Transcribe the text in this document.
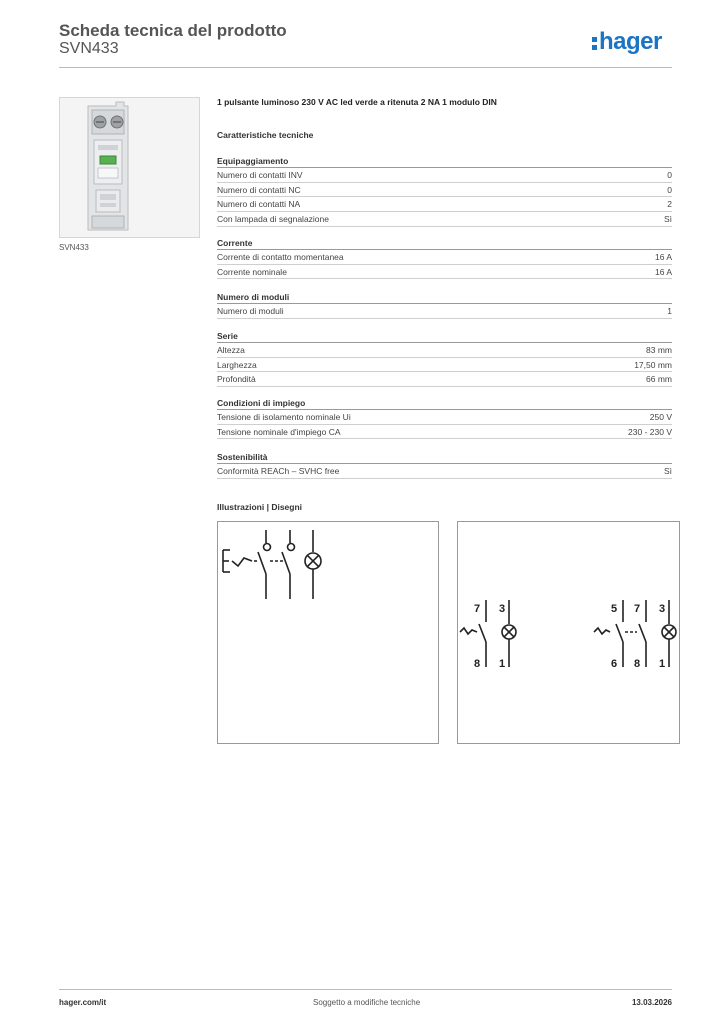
Scheda tecnica del prodotto
SVN433	hager
SVN433
1 pulsante luminoso 230 V AC led verde a ritenuta 2 NA 1 modulo DIN
Caratteristiche tecniche
Equipaggiamento
Numero di contatti INV	0
Numero di contatti NC	0
Numero di contatti NA	2
Con lampada di segnalazione	Sì
Corrente
Corrente di contatto momentanea	16 A
Corrente nominale	16 A
Numero di moduli
Numero di moduli	1
Serie
Altezza	83 mm
Larghezza	17,50 mm
Profondità	66 mm
Condizioni di impiego
Tensione di isolamento nominale Ui	250 V
Tensione nominale d'impiego CA	230 - 230 V
Sostenibilità
Conformità REACh – SVHC free	Sì
Illustrazioni | Disegni
7 3
8 1
5 7 3
6 8 1
hager.com/it	Soggetto a modifiche tecniche	13.03.2026
